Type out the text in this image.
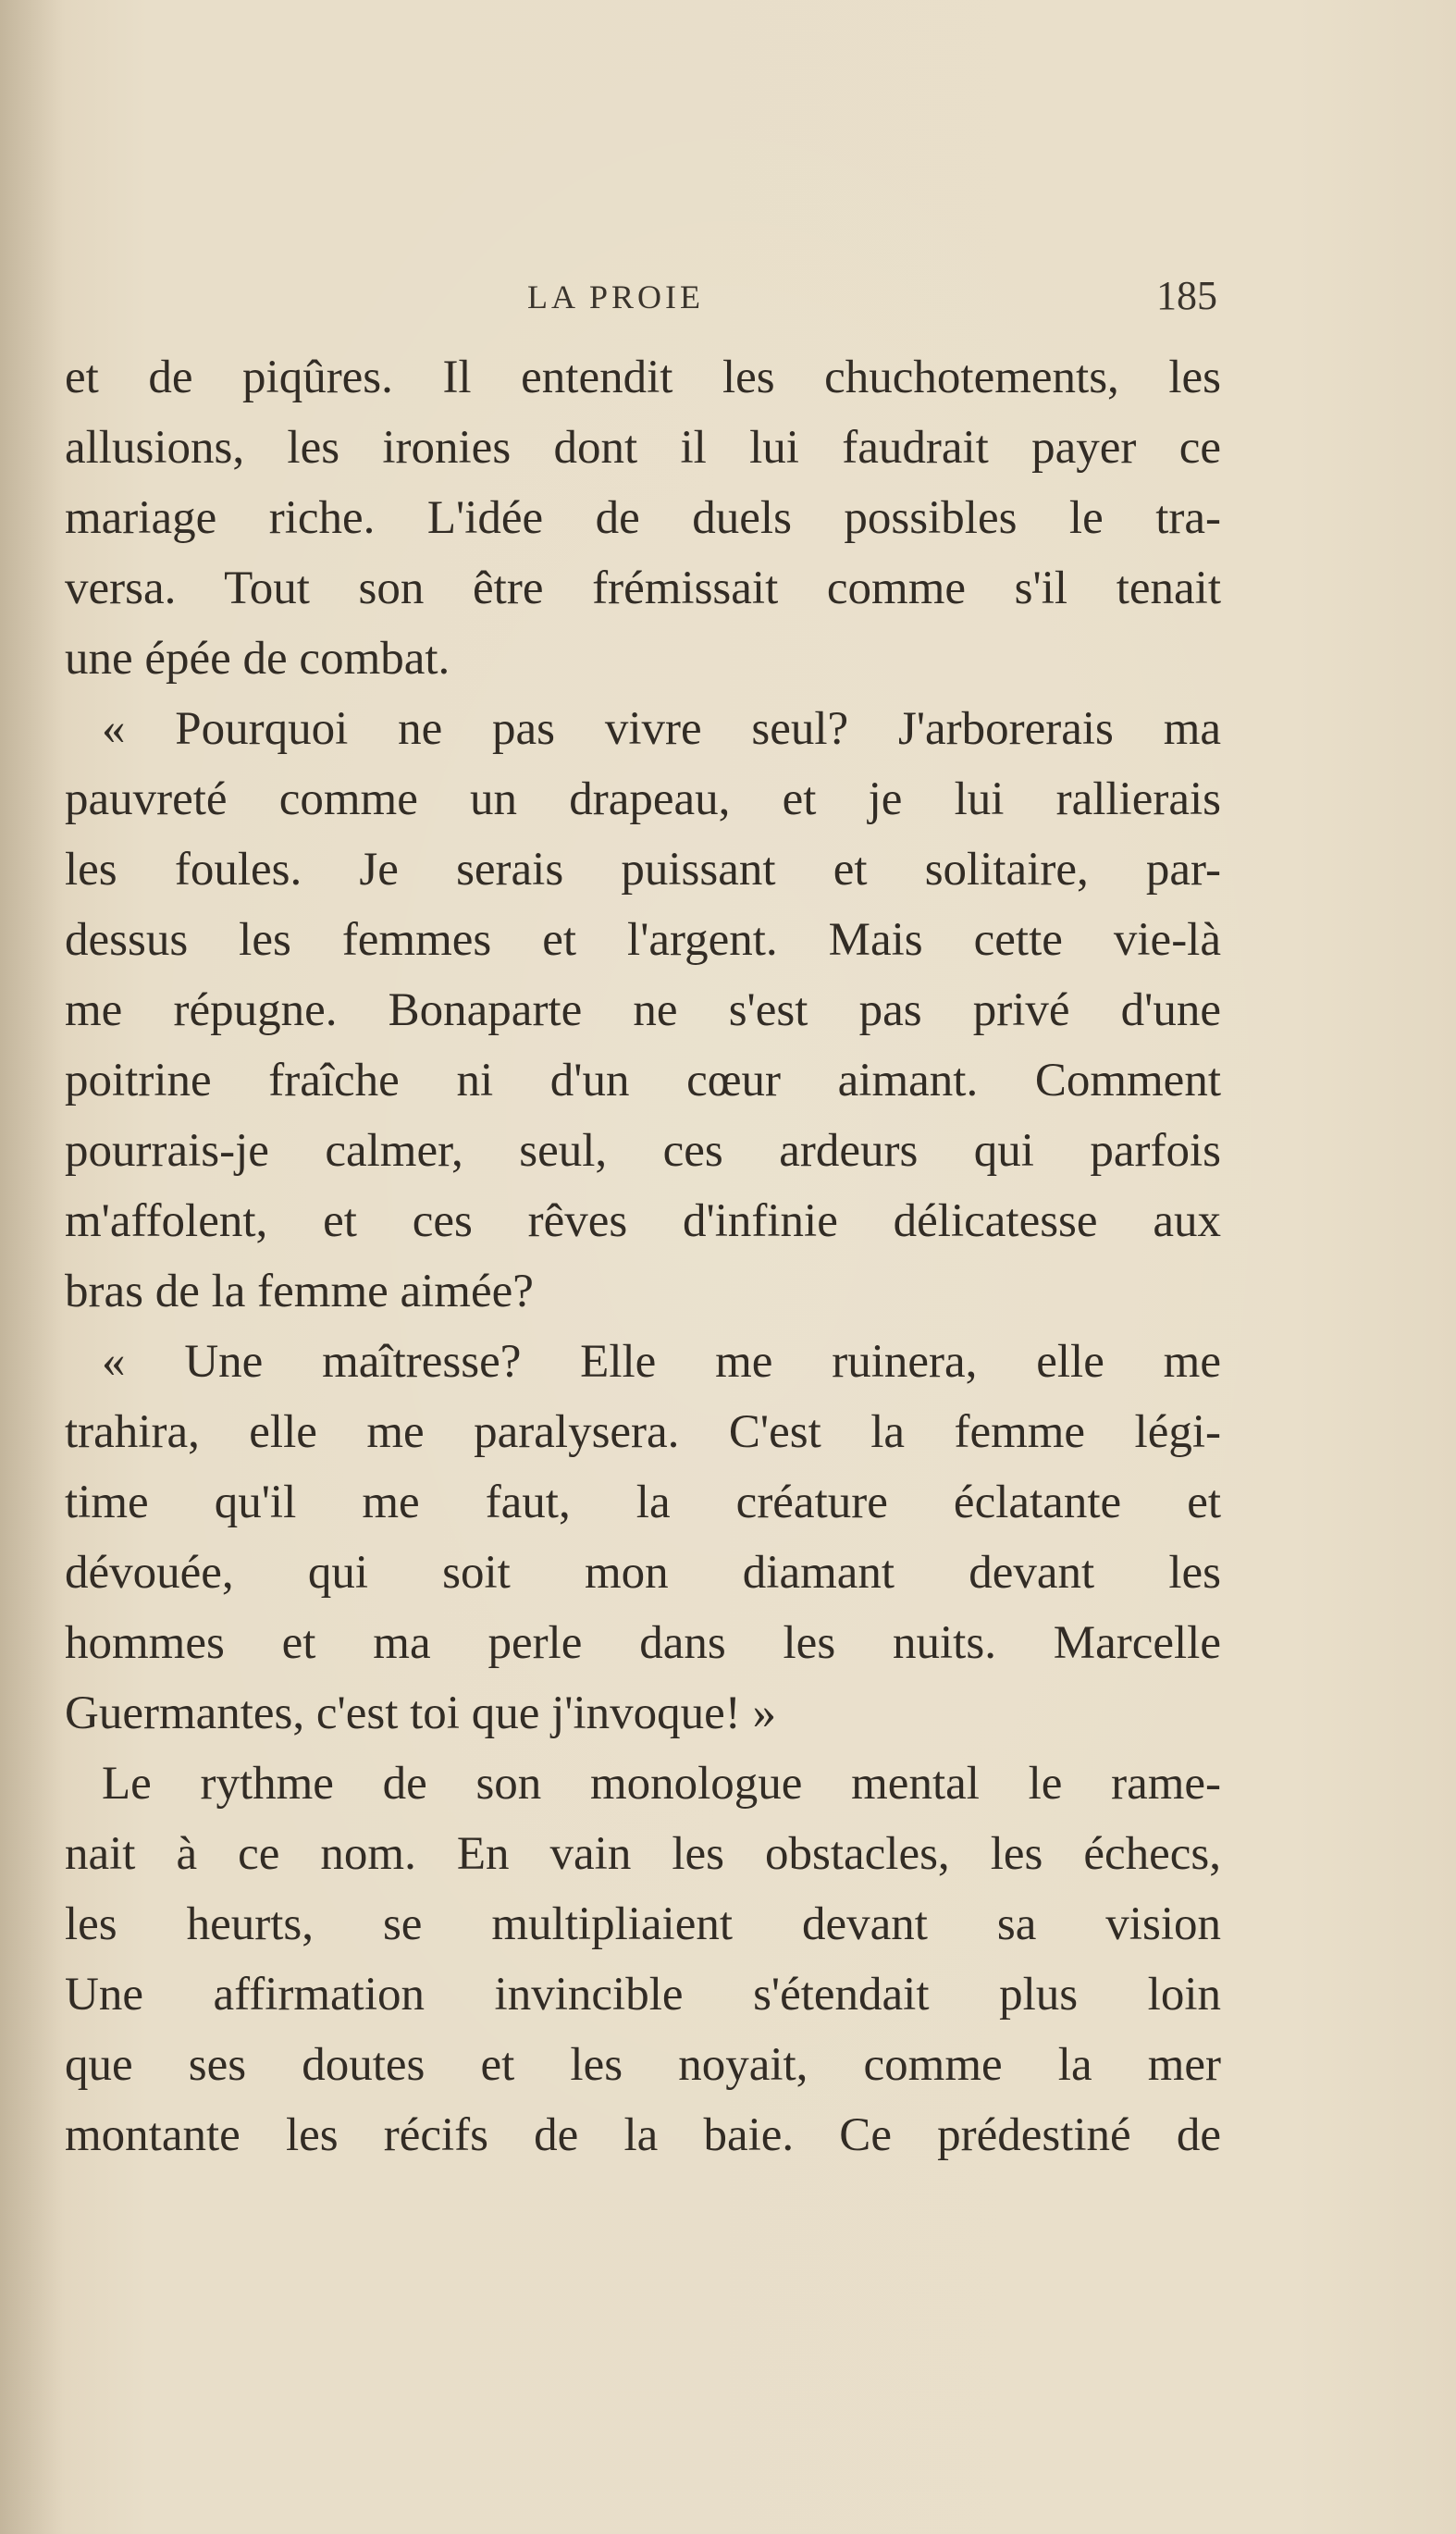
LA PROIE	185
et de piqûres. Il entendit les chuchotements, les
allusions, les ironies dont il lui faudrait payer ce
mariage riche. L'idée de duels possibles le tra-
versa. Tout son être frémissait comme s'il tenait
une épée de combat.
« Pourquoi ne pas vivre seul? J'arborerais ma
pauvreté comme un drapeau, et je lui rallierais
les foules. Je serais puissant et solitaire, par-
dessus les femmes et l'argent. Mais cette vie-là
me répugne. Bonaparte ne s'est pas privé d'une
poitrine fraîche ni d'un cœur aimant. Comment
pourrais-je calmer, seul, ces ardeurs qui parfois
m'affolent, et ces rêves d'infinie délicatesse aux
bras de la femme aimée?
« Une maîtresse? Elle me ruinera, elle me
trahira, elle me paralysera. C'est la femme légi-
time qu'il me faut, la créature éclatante et
dévouée, qui soit mon diamant devant les
hommes et ma perle dans les nuits. Marcelle
Guermantes, c'est toi que j'invoque! »
Le rythme de son monologue mental le rame-
nait à ce nom. En vain les obstacles, les échecs,
les heurts, se multipliaient devant sa vision
Une affirmation invincible s'étendait plus loin
que ses doutes et les noyait, comme la mer
montante les récifs de la baie. Ce prédestiné de
